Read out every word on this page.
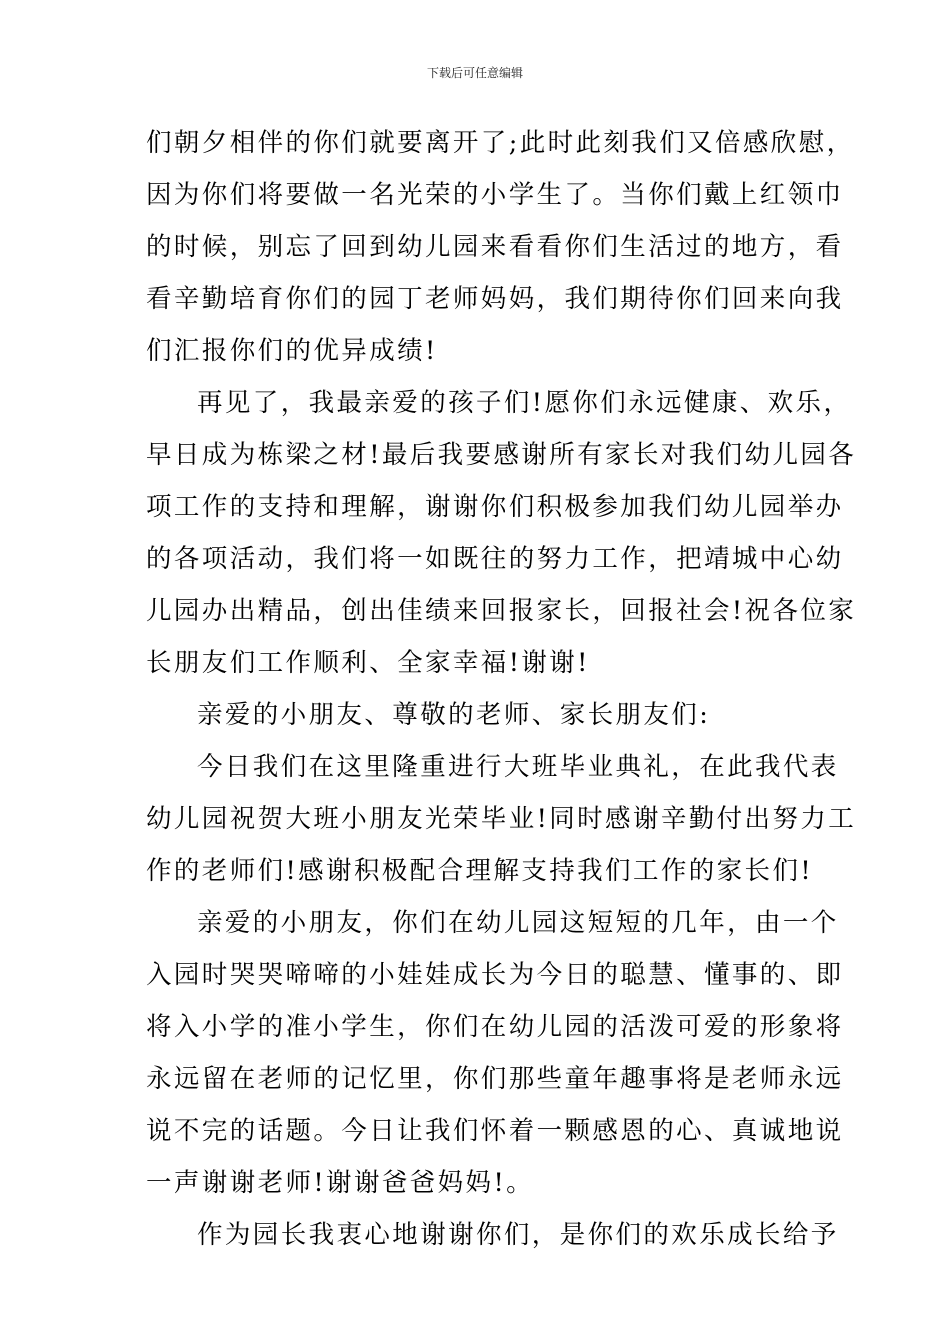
下载后可任意编辑

们朝夕相伴的你们就要离开了;此时此刻我们又倍感欣慰，
因为你们将要做一名光荣的小学生了。当你们戴上红领巾
的时候，别忘了回到幼儿园来看看你们生活过的地方，看
看辛勤培育你们的园丁老师妈妈，我们期待你们回来向我
们汇报你们的优异成绩!

再见了，我最亲爱的孩子们!愿你们永远健康、欢乐，
早日成为栋梁之材!最后我要感谢所有家长对我们幼儿园各
项工作的支持和理解，谢谢你们积极参加我们幼儿园举办
的各项活动，我们将一如既往的努力工作，把靖城中心幼
儿园办出精品，创出佳绩来回报家长，回报社会!祝各位家
长朋友们工作顺利、全家幸福!谢谢!

亲爱的小朋友、尊敬的老师、家长朋友们:

今日我们在这里隆重进行大班毕业典礼，在此我代表
幼儿园祝贺大班小朋友光荣毕业!同时感谢辛勤付出努力工
作的老师们!感谢积极配合理解支持我们工作的家长们!

亲爱的小朋友，你们在幼儿园这短短的几年，由一个
入园时哭哭啼啼的小娃娃成长为今日的聪慧、懂事的、即
将入小学的准小学生，你们在幼儿园的活泼可爱的形象将
永远留在老师的记忆里，你们那些童年趣事将是老师永远
说不完的话题。今日让我们怀着一颗感恩的心、真诚地说
一声谢谢老师!谢谢爸爸妈妈!。

作为园长我衷心地谢谢你们，是你们的欢乐成长给予
